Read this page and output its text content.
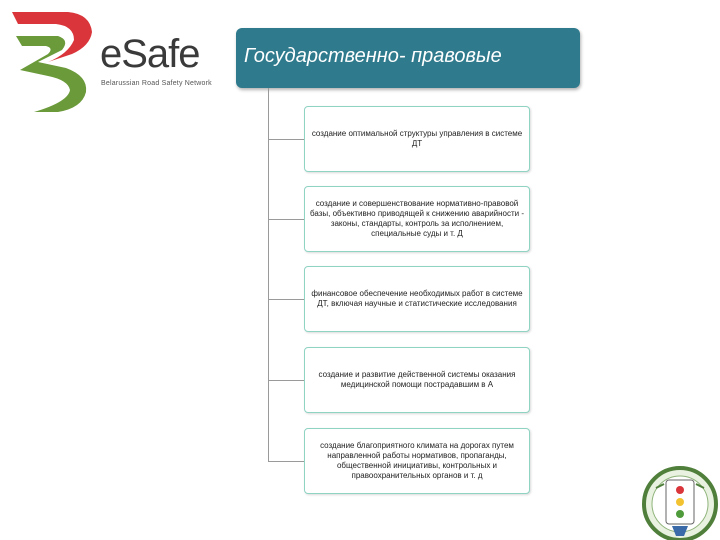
eSafe
Belarussian Road Safety Network
Государственно- правовые
создание оптимальной структуры управления в системе ДТ
создание и совершенствование нормативно-правовой базы, объективно приводящей к снижению аварийности - законы, стандарты, контроль за исполнением, специальные суды и т. Д
финансовое обеспечение необходимых работ в системе ДТ, включая научные и статистические исследования
создание и развитие действенной системы оказания медицинской помощи пострадавшим в А
создание благоприятного климата на дорогах путем направленной работы нормативов, пропаганды, общественной инициативы, контрольных и правоохранительных органов и т. д
